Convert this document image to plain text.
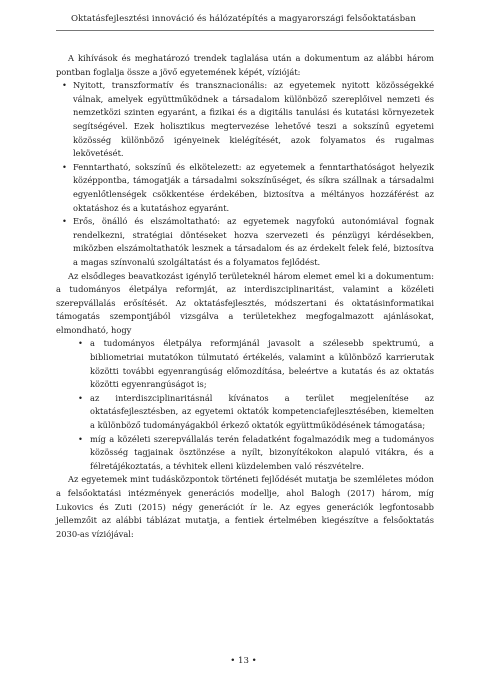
Oktatásfejlesztési innováció és hálózatépítés a magyarországi felsőoktatásban

A kihívások és meghatározó trendek taglalása után a dokumentum az alábbi három pontban foglalja össze a jövő egyetemének képét, vízióját:

• Nyitott, transzformatív és transznacionális: az egyetemek nyitott közösségekké válnak, amelyek együttműködnek a társadalom különböző szereplőivel nemzeti és nemzetközi szinten egyaránt, a fizikai és a digitális tanulási és kutatási környezetek segítségével. Ezek holisztikus megtervezése lehetővé teszi a sokszínű egyetemi közösség különböző igényeinek kielégítését, azok folyamatos és rugalmas lekövetését.
• Fenntartható, sokszínű és elkötelezett: az egyetemek a fenntarthatóságot helyezik középpontba, támogatják a társadalmi sokszínűséget, és síkra szállnak a társadalmi egyenlőtlenségek csökkentése érdekében, biztosítva a méltányos hozzáférést az oktatáshoz és a kutatáshoz egyaránt.
• Erős, önálló és elszámoltatható: az egyetemek nagyfokú autonómiával fognak rendelkezni, stratégiai döntéseket hozva szervezeti és pénzügyi kérdésekben, miközben elszámoltathatók lesznek a társadalom és az érdekelt felek felé, biztosítva a magas színvonalú szolgáltatást és a folyamatos fejlődést.

Az elsődleges beavatkozást igénylő területeknél három elemet emel ki a dokumentum: a tudományos életpálya reformját, az interdiszciplinaritást, valamint a közéleti szerepvállalás erősítését. Az oktatásfejlesztés, módszertani és oktatásinformatikai támogatás szempontjából vizsgálva a területekhez megfogalmazott ajánlásokat, elmondható, hogy

• a tudományos életpálya reformjánál javasolt a szélesebb spektrumú, a bibliometriai mutatókon túlmutató értékelés, valamint a különböző karrierutak közötti további egyenrangúság előmozdítása, beleértve a kutatás és az oktatás közötti egyenrangúságot is;
• az interdiszciplinaritásnál kívánatos a terület megjelenítése az oktatásfejlesztésben, az egyetemi oktatók kompetenciafejlesztésében, kiemelten a különböző tudományágakból érkező oktatók együttműködésének támogatása;
• míg a közéleti szerepvállalás terén feladatként fogalmazódik meg a tudományos közösség tagjainak ösztönzése a nyílt, bizonyítékokon alapuló vitákra, és a félretájékoztatás, a tévhitek elleni küzdelemben való részvételre.

Az egyetemek mint tudásközpontok történeti fejlődését mutatja be szemléletes módon a felsőoktatási intézmények generációs modellje, ahol Balogh (2017) három, míg Lukovics és Zuti (2015) négy generációt ír le. Az egyes generációk legfontosabb jellemzőit az alábbi táblázat mutatja, a fentiek értelmében kiegészítve a felsőoktatás 2030-as víziójával:

• 13 •
